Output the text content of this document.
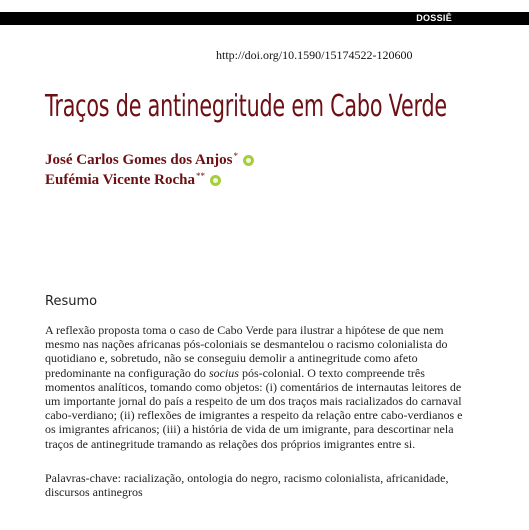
DOSSIÊ
http://doi.org/10.1590/15174522-120600
Traços de antinegritude em Cabo Verde
José Carlos Gomes dos Anjos*
Eufémia Vicente Rocha**
Resumo

A reflexão proposta toma o caso de Cabo Verde para ilustrar a hipótese de que nem mesmo nas nações africanas pós-coloniais se desmantelou o racismo colonialista do quotidiano e, sobretudo, não se conseguiu demolir a antinegritude como afeto predominante na configuração do socius pós-colonial. O texto compreende três momentos analíticos, tomando como objetos: (i) comentários de internautas leitores de um importante jornal do país a respeito de um dos traços mais racializados do carnaval cabo-verdiano; (ii) reflexões de imigrantes a respeito da relação entre cabo-verdianos e os imigrantes africanos; (iii) a história de vida de um imigrante, para descortinar nela traços de antinegritude tramando as relações dos próprios imigrantes entre si.

Palavras-chave: racialização, ontologia do negro, racismo colonialista, africanidade, discursos antinegros
